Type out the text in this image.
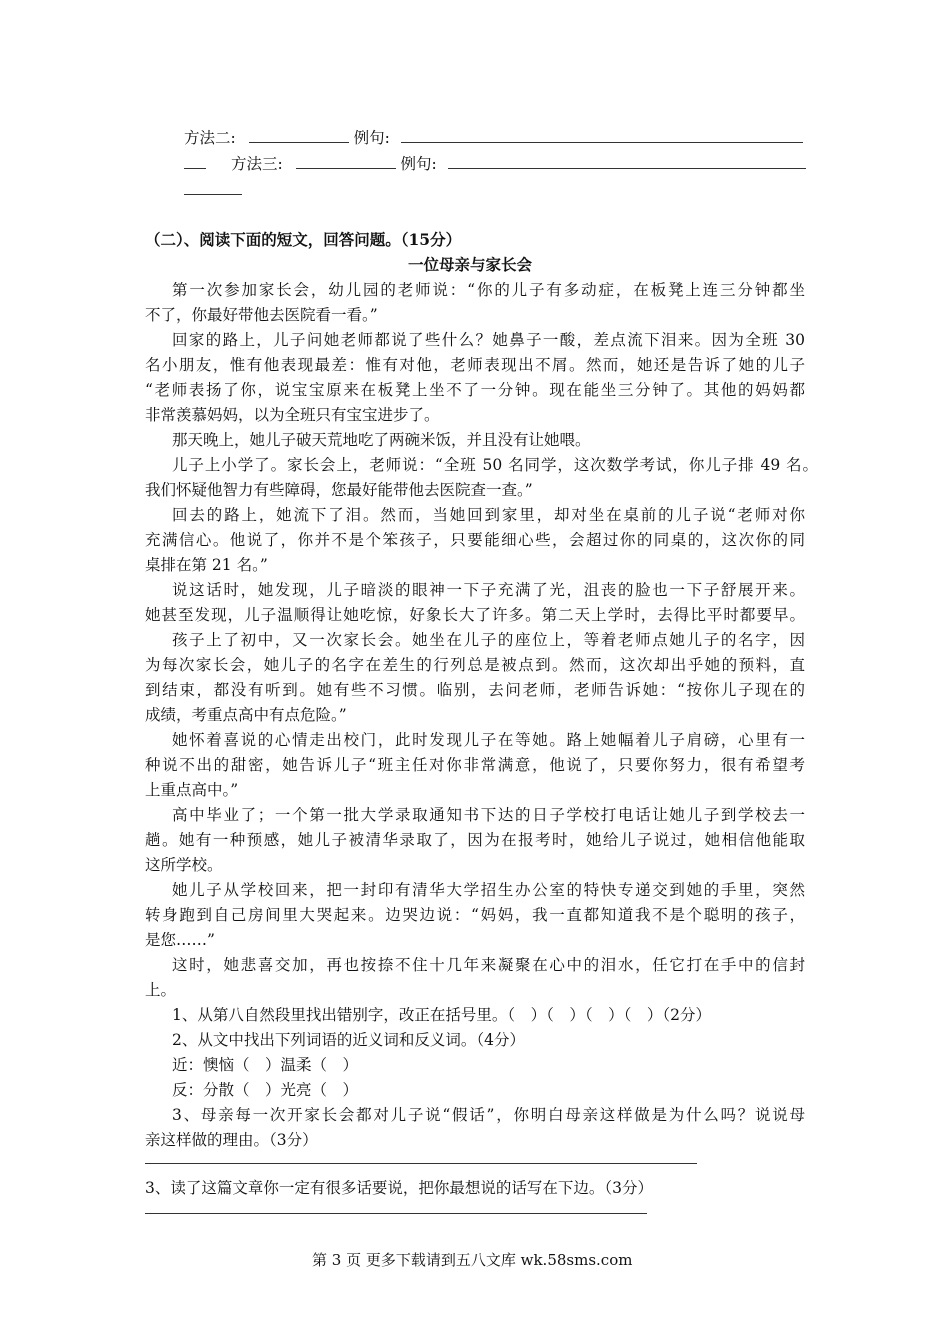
方法二:	例句:
方法三:	例句:
（二）、阅读下面的短文，回答问题。（15分）
一位母亲与家长会
第一次参加家长会，幼儿园的老师说：“你的儿子有多动症，在板凳上连三分钟都坐
不了，你最好带他去医院看一看。”
回家的路上，儿子问她老师都说了些什么？她鼻子一酸，差点流下泪来。因为全班 30
名小朋友，惟有他表现最差：惟有对他，老师表现出不屑。然而，她还是告诉了她的儿子
“老师表扬了你，说宝宝原来在板凳上坐不了一分钟。现在能坐三分钟了。其他的妈妈都
非常羡慕妈妈，以为全班只有宝宝进步了。
那天晚上，她儿子破天荒地吃了两碗米饭，并且没有让她喂。
儿子上小学了。家长会上，老师说：“全班 50 名同学，这次数学考试，你儿子排 49 名。
我们怀疑他智力有些障碍，您最好能带他去医院查一查。”
回去的路上，她流下了泪。然而，当她回到家里，却对坐在桌前的儿子说“老师对你
充满信心。他说了，你并不是个笨孩子，只要能细心些，会超过你的同桌的，这次你的同
桌排在第 21 名。”
说这话时，她发现，儿子暗淡的眼神一下子充满了光，沮丧的脸也一下子舒展开来。
她甚至发现，儿子温顺得让她吃惊，好象长大了许多。第二天上学时，去得比平时都要早。
孩子上了初中，又一次家长会。她坐在儿子的座位上，等着老师点她儿子的名字，因
为每次家长会，她儿子的名字在差生的行列总是被点到。然而，这次却出乎她的预料，直
到结束，都没有听到。她有些不习惯。临别，去问老师，老师告诉她：“按你儿子现在的
成绩，考重点高中有点危险。”
她怀着喜说的心情走出校门，此时发现儿子在等她。路上她幅着儿子肩磅，心里有一
种说不出的甜密，她告诉儿子“班主任对你非常满意，他说了，只要你努力，很有希望考
上重点高中。”
高中毕业了；一个第一批大学录取通知书下达的日子学校打电话让她儿子到学校去一
趟。她有一种预感，她儿子被清华录取了，因为在报考时，她给儿子说过，她相信他能取
这所学校。
她儿子从学校回来，把一封印有清华大学招生办公室的特快专递交到她的手里，突然
转身跑到自己房间里大哭起来。边哭边说：“妈妈，我一直都知道我不是个聪明的孩子，
是您……”
这时，她悲喜交加，再也按捺不住十几年来凝聚在心中的泪水，任它打在手中的信封
上。
1、从第八自然段里找出错别字，改正在括号里。（　）（　）（　）（　）（2分）
2、从文中找出下列词语的近义词和反义词。（4分）
近：懊恼（　）温柔（　）
反：分散（　）光亮（　）
3、母亲每一次开家长会都对儿子说“假话”，你明白母亲这样做是为什么吗？说说母
亲这样做的理由。（3分）
3、读了这篇文章你一定有很多话要说，把你最想说的话写在下边。（3分）
第 3 页 更多下载请到五八文库 wk.58sms.com
